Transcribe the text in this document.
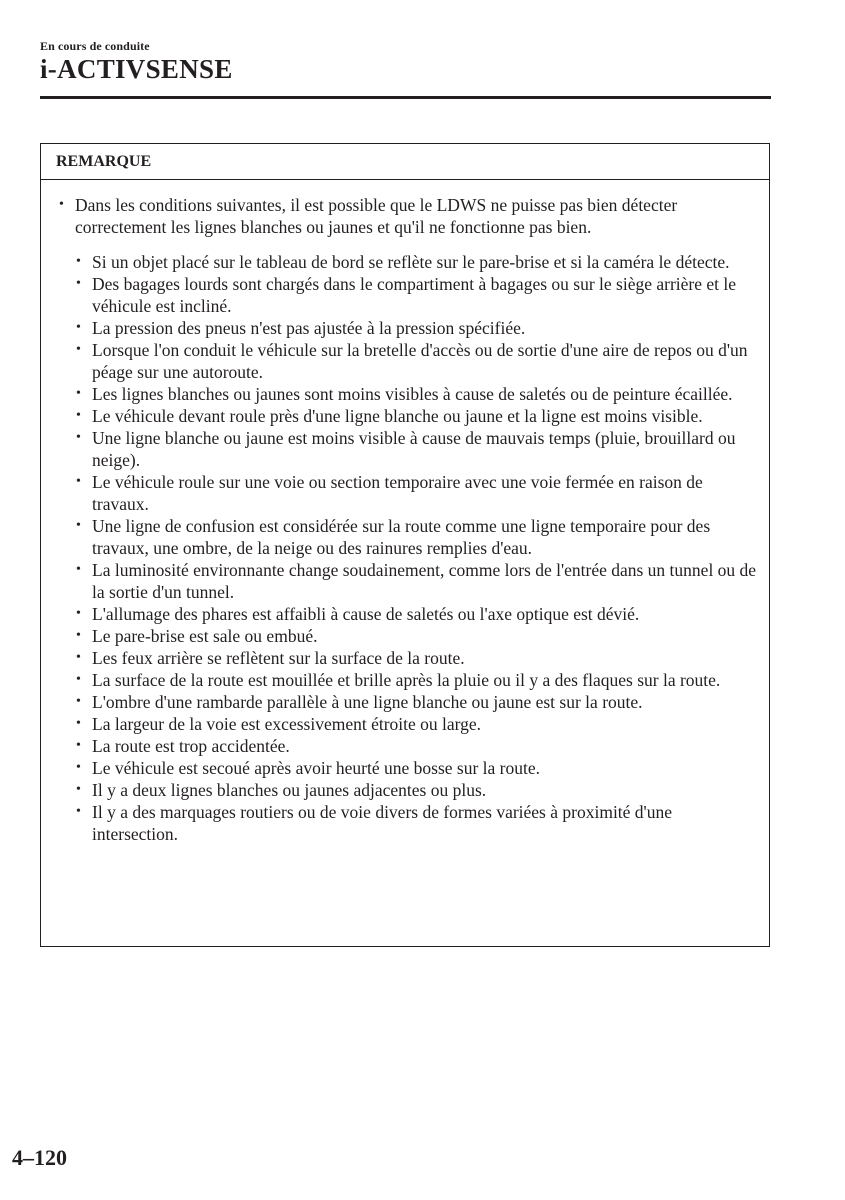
En cours de conduite
i-ACTIVSENSE
REMARQUE
• Dans les conditions suivantes, il est possible que le LDWS ne puisse pas bien détecter correctement les lignes blanches ou jaunes et qu'il ne fonctionne pas bien.
• Si un objet placé sur le tableau de bord se reflète sur le pare-brise et si la caméra le détecte.
• Des bagages lourds sont chargés dans le compartiment à bagages ou sur le siège arrière et le véhicule est incliné.
• La pression des pneus n'est pas ajustée à la pression spécifiée.
• Lorsque l'on conduit le véhicule sur la bretelle d'accès ou de sortie d'une aire de repos ou d'un péage sur une autoroute.
• Les lignes blanches ou jaunes sont moins visibles à cause de saletés ou de peinture écaillée.
• Le véhicule devant roule près d'une ligne blanche ou jaune et la ligne est moins visible.
• Une ligne blanche ou jaune est moins visible à cause de mauvais temps (pluie, brouillard ou neige).
• Le véhicule roule sur une voie ou section temporaire avec une voie fermée en raison de travaux.
• Une ligne de confusion est considérée sur la route comme une ligne temporaire pour des travaux, une ombre, de la neige ou des rainures remplies d'eau.
• La luminosité environnante change soudainement, comme lors de l'entrée dans un tunnel ou de la sortie d'un tunnel.
• L'allumage des phares est affaibli à cause de saletés ou l'axe optique est dévié.
• Le pare-brise est sale ou embué.
• Les feux arrière se reflètent sur la surface de la route.
• La surface de la route est mouillée et brille après la pluie ou il y a des flaques sur la route.
• L'ombre d'une rambarde parallèle à une ligne blanche ou jaune est sur la route.
• La largeur de la voie est excessivement étroite ou large.
• La route est trop accidentée.
• Le véhicule est secoué après avoir heurté une bosse sur la route.
• Il y a deux lignes blanches ou jaunes adjacentes ou plus.
• Il y a des marquages routiers ou de voie divers de formes variées à proximité d'une intersection.
4–120
